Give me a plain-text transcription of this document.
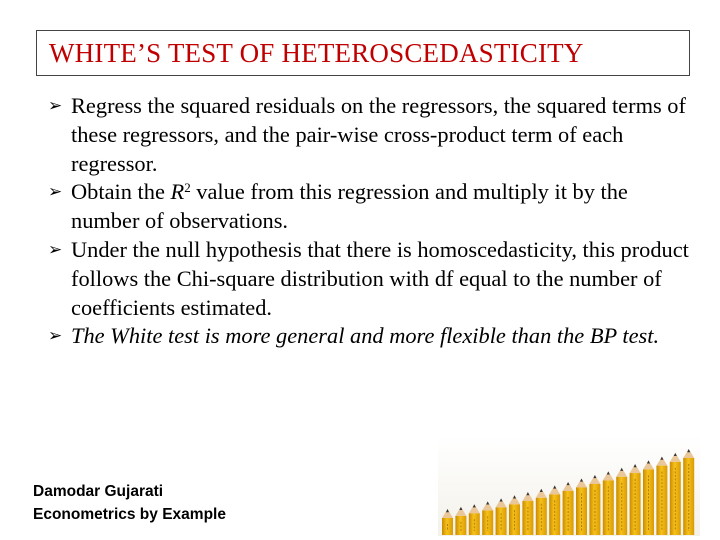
WHITE’S TEST OF HETEROSCEDASTICITY
➢ Regress the squared residuals on the regressors, the squared terms of these regressors, and the pair-wise cross-product term of each regressor.
➢ Obtain the $R^2$ value from this regression and multiply it by the number of observations.
➢ Under the null hypothesis that there is homoscedasticity, this product follows the Chi-square distribution with df equal to the number of coefficients estimated.
➢ The White test is more general and more flexible than the BP test.
Damodar Gujarati
Econometrics by Example
